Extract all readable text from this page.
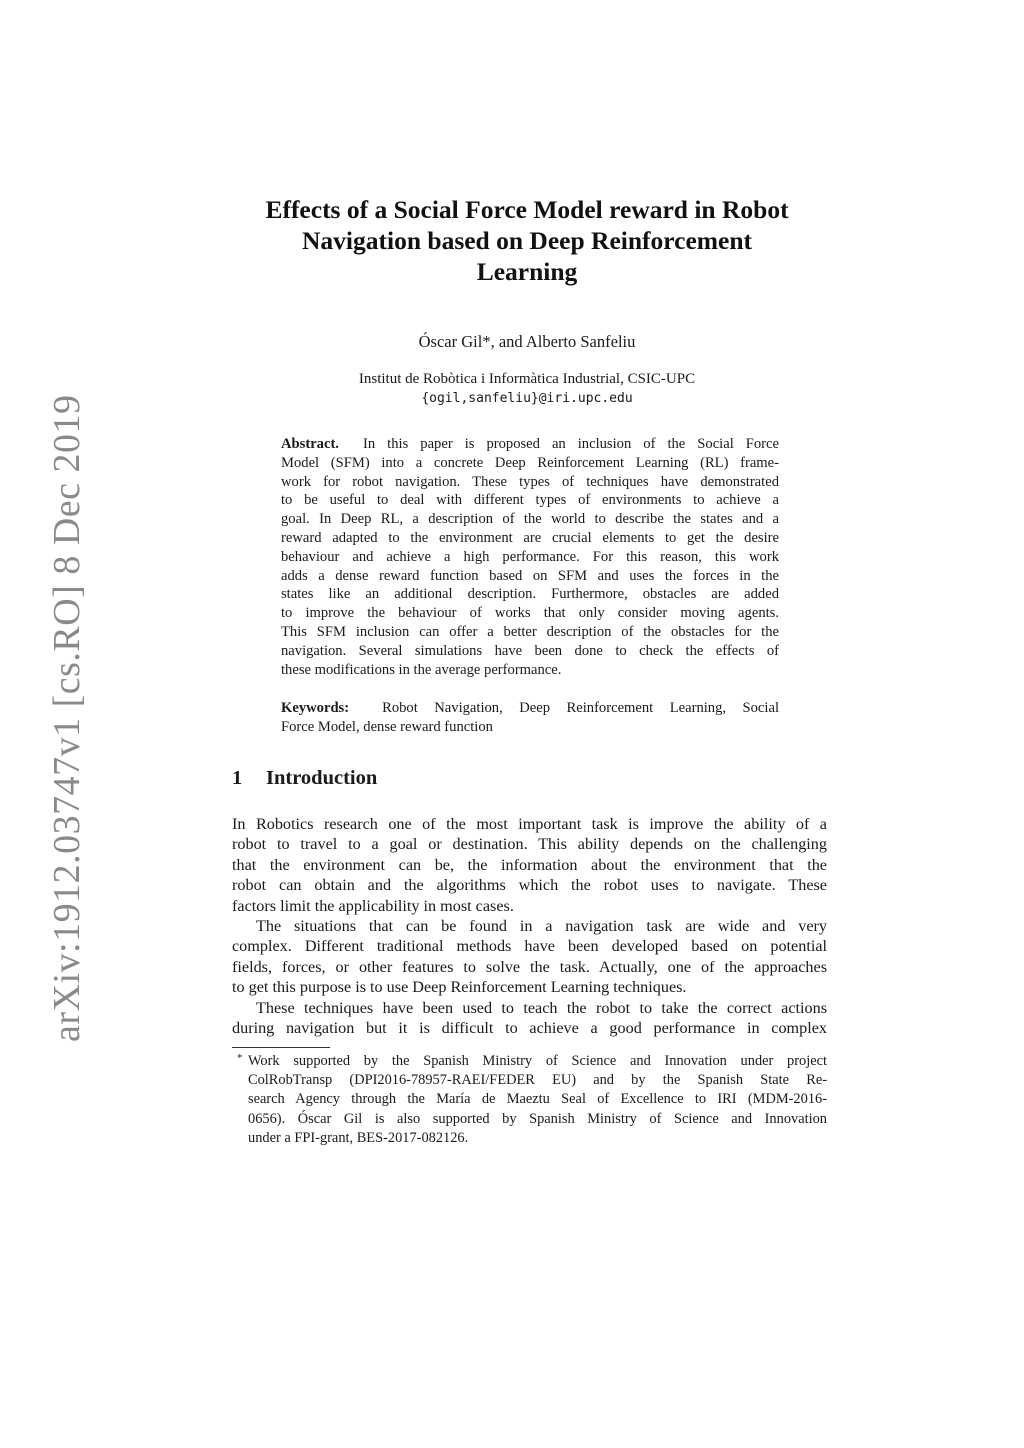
arXiv:1912.03747v1 [cs.RO] 8 Dec 2019
Effects of a Social Force Model reward in Robot
Navigation based on Deep Reinforcement
Learning
Óscar Gil*, and Alberto Sanfeliu
Institut de Robòtica i Informàtica Industrial, CSIC-UPC
{ogil,sanfeliu}@iri.upc.edu
Abstract. In this paper is proposed an inclusion of the Social Force
Model (SFM) into a concrete Deep Reinforcement Learning (RL) frame-
work for robot navigation. These types of techniques have demonstrated
to be useful to deal with different types of environments to achieve a
goal. In Deep RL, a description of the world to describe the states and a
reward adapted to the environment are crucial elements to get the desire
behaviour and achieve a high performance. For this reason, this work
adds a dense reward function based on SFM and uses the forces in the
states like an additional description. Furthermore, obstacles are added
to improve the behaviour of works that only consider moving agents.
This SFM inclusion can offer a better description of the obstacles for the
navigation. Several simulations have been done to check the effects of
these modifications in the average performance.
Keywords: Robot Navigation, Deep Reinforcement Learning, Social
Force Model, dense reward function
1 Introduction
In Robotics research one of the most important task is improve the ability of a
robot to travel to a goal or destination. This ability depends on the challenging
that the environment can be, the information about the environment that the
robot can obtain and the algorithms which the robot uses to navigate. These
factors limit the applicability in most cases.
The situations that can be found in a navigation task are wide and very
complex. Different traditional methods have been developed based on potential
fields, forces, or other features to solve the task. Actually, one of the approaches
to get this purpose is to use Deep Reinforcement Learning techniques.
These techniques have been used to teach the robot to take the correct actions
during navigation but it is difficult to achieve a good performance in complex
* Work supported by the Spanish Ministry of Science and Innovation under project
ColRobTransp (DPI2016-78957-RAEI/FEDER EU) and by the Spanish State Re-
search Agency through the María de Maeztu Seal of Excellence to IRI (MDM-2016-
0656). Óscar Gil is also supported by Spanish Ministry of Science and Innovation
under a FPI-grant, BES-2017-082126.
